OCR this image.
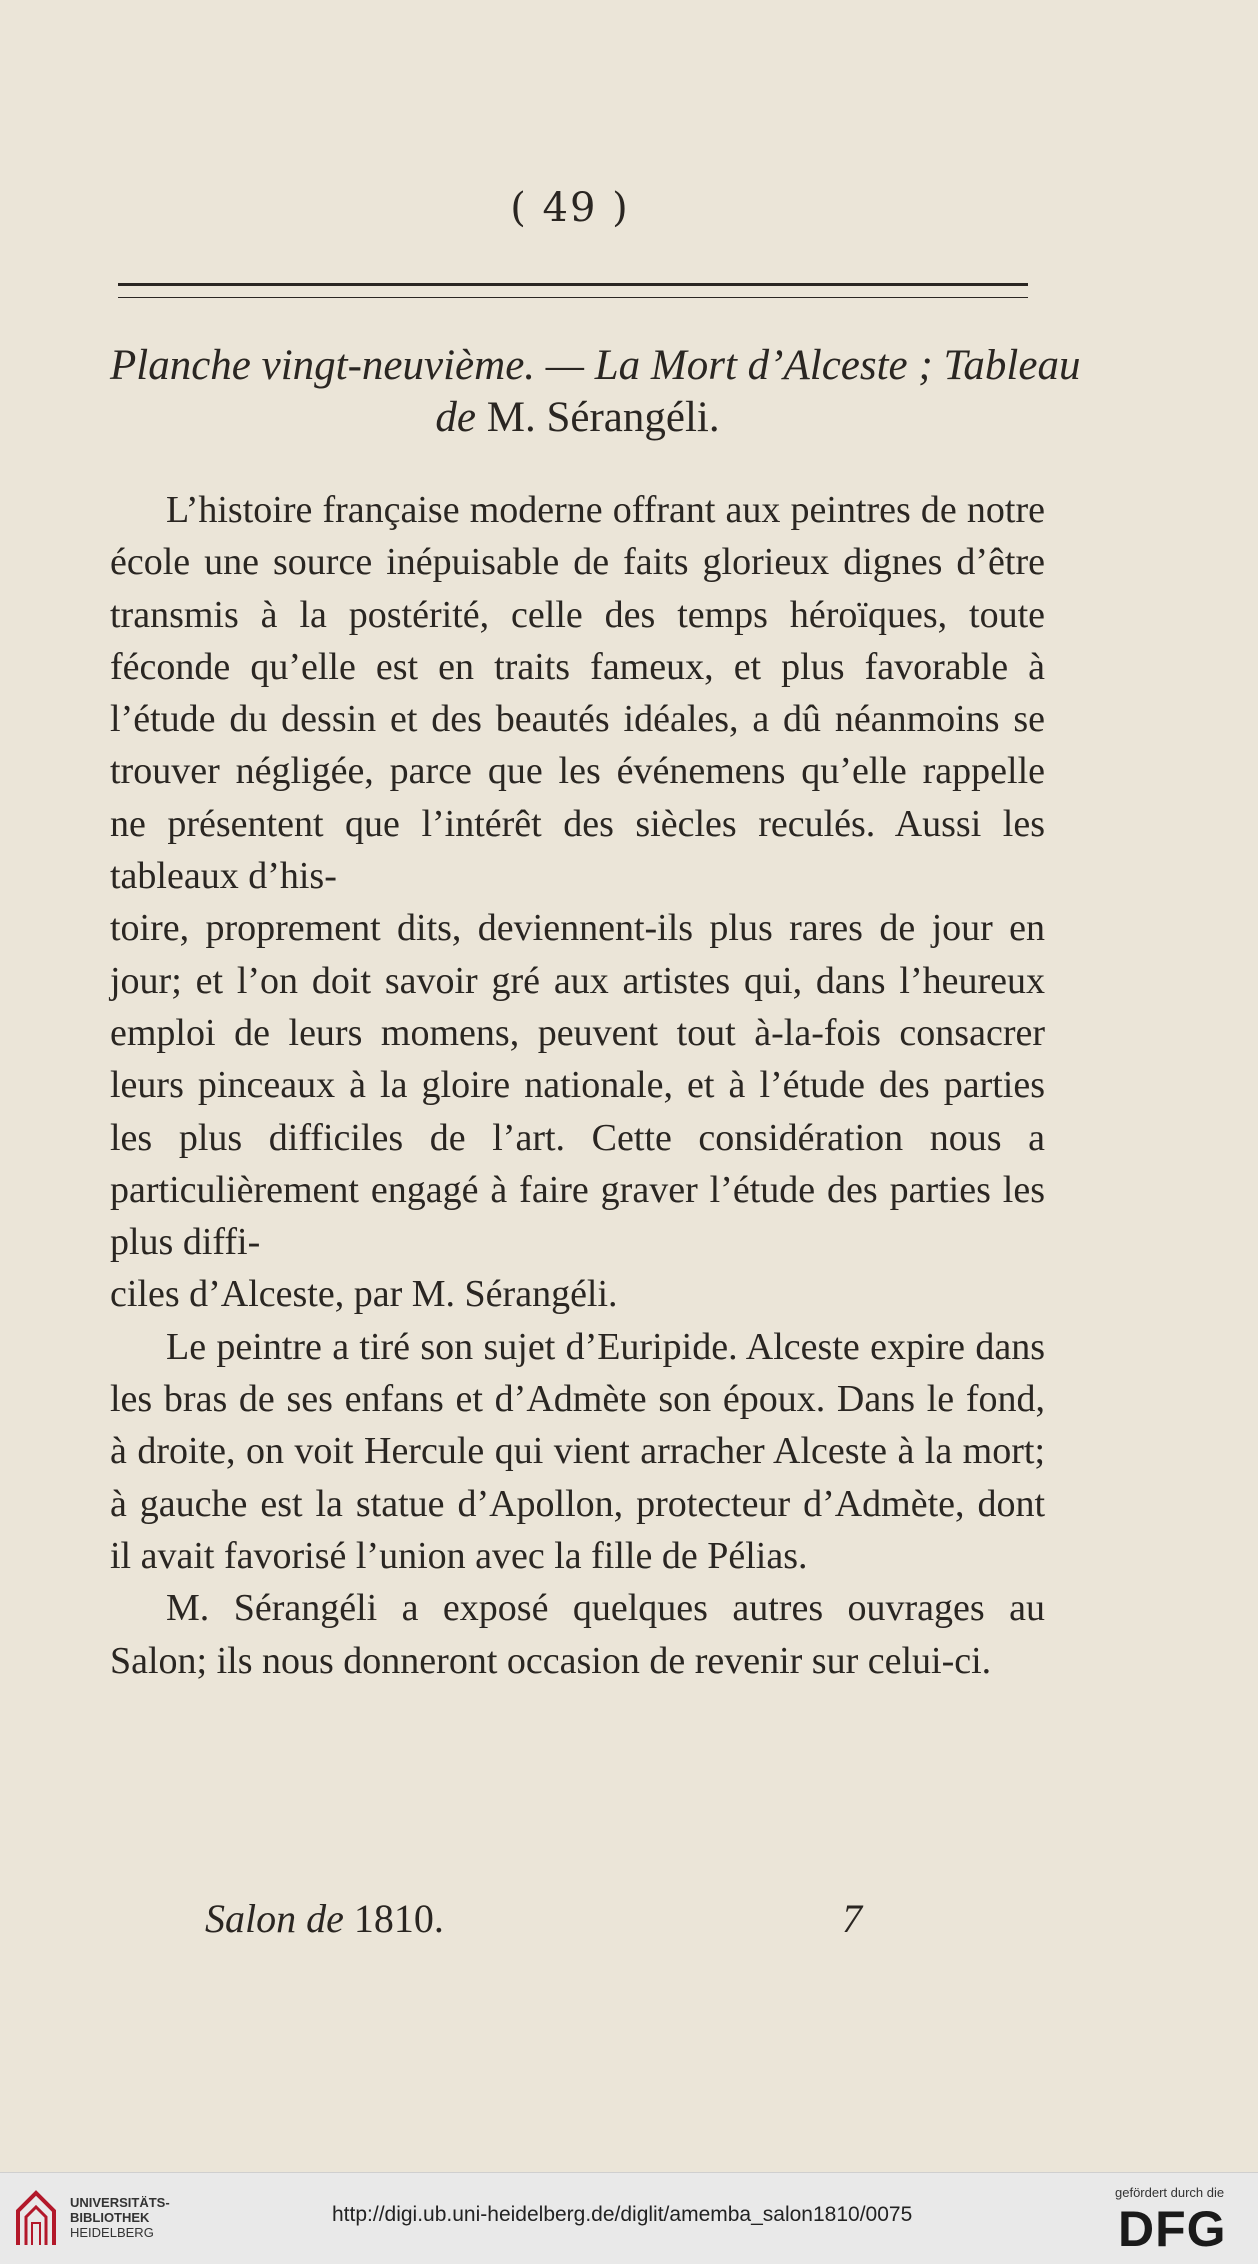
( 49 )
Planche vingt-neuvième. — La Mort d’Alceste ; Tableau
de M. Sérangéli.

L’histoire française moderne offrant aux peintres de notre école une source inépuisable de faits glorieux dignes d’être transmis à la postérité, celle des temps héroïques, toute féconde qu’elle est en traits fameux, et plus favorable à l’étude du dessin et des beautés idéales, a dû néanmoins se trouver négligée, parce que les événemens qu’elle rappelle ne présentent que l’intérêt des siècles reculés. Aussi les tableaux d’his-
toire, proprement dits, deviennent-ils plus rares de jour en jour; et l’on doit savoir gré aux artistes qui, dans l’heureux emploi de leurs momens, peuvent tout à-la-fois consacrer leurs pinceaux à la gloire nationale, et à l’étude des parties les plus difficiles de l’art. Cette considération nous a particulièrement engagé à faire graver l’étude des parties les plus diffi-
ciles d’Alceste, par M. Sérangéli.

Le peintre a tiré son sujet d’Euripide. Alceste expire dans les bras de ses enfans et d’Admète son époux. Dans le fond, à droite, on voit Hercule qui vient arracher Alceste à la mort; à gauche est la statue d’Apollon, protecteur d’Admète, dont il avait favorisé l’union avec la fille de Pélias.

M. Sérangéli a exposé quelques autres ouvrages au Salon; ils nous donneront occasion de revenir sur celui-ci.

Salon de 1810.	7
UNIVERSITÄTS-
BIBLIOTHEK
HEIDELBERG
http://digi.ub.uni-heidelberg.de/diglit/amemba_salon1810/0075
gefördert durch die
DFG
